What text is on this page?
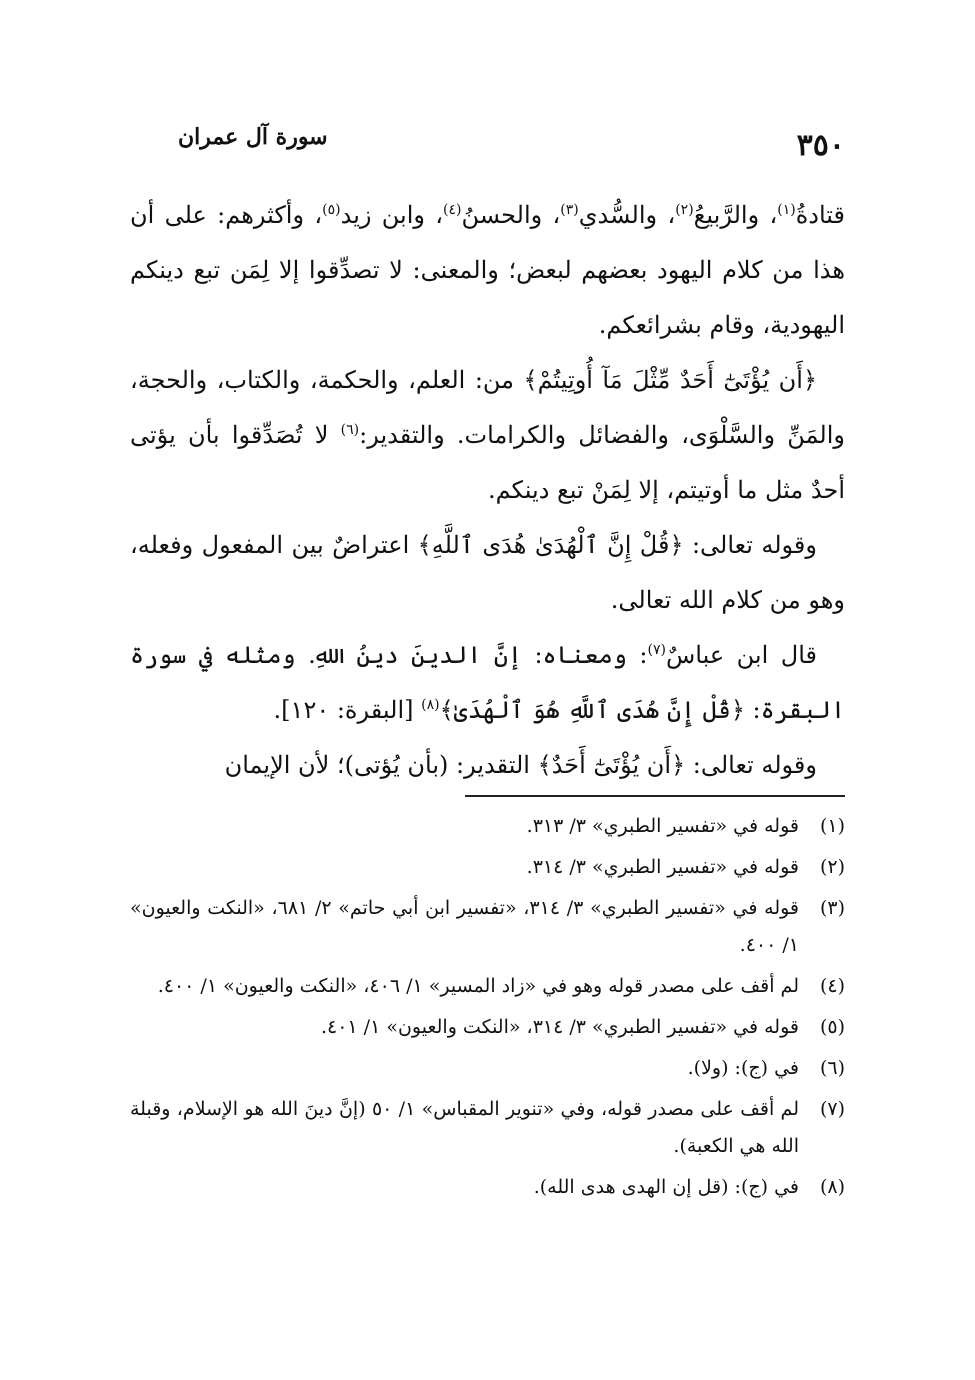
٣٥٠
سورة آل عمران

قتادةُ$^{(١)}$، والرَّبيعُ$^{(٢)}$، والسُّدي$^{(٣)}$، والحسنُ$^{(٤)}$، وابن زيد$^{(٥)}$، وأكثرهم: على أن هذا من كلام اليهود بعضهم لبعض؛ والمعنى: لا تصدِّقوا إلا لِمَن تبع دينكم اليهودية، وقام بشرائعكم.

﴿أَن يُؤْتَىٰٓ أَحَدٌ مِّثْلَ مَآ أُوتِيتُمْ﴾ من: العلم، والحكمة، والكتاب، والحجة، والمَنِّ والسَّلْوَى، والفضائل والكرامات. والتقدير:$^{(٦)}$ لا تُصَدِّقوا بأن يؤتى أحدٌ مثل ما أوتيتم، إلا لِمَنْ تبع دينكم.

وقوله تعالى: ﴿قُلْ إِنَّ ٱلْهُدَىٰ هُدَى ٱللَّهِ﴾ اعتراضٌ بين المفعول وفعله، وهو من كلام الله تعالى.

قال ابن عباسٌ$^{(٧)}$: ومعناه: إنَّ الدينَ دينُ اللهِ. ومثله في سورة البقرة: ﴿قُلْ إِنَّ هُدَى ٱللَّهِ هُوَ ٱلْهُدَىٰ﴾$^{(٨)}$ [البقرة: ١٢٠].

وقوله تعالى: ﴿أَن يُؤْتَىٰٓ أَحَدٌ﴾ التقدير: (بأن يُؤتى)؛ لأن الإيمان

(١)
قوله في «تفسير الطبري» ٣/ ٣١٣.
(٢)
قوله في «تفسير الطبري» ٣/ ٣١٤.
(٣)
قوله في «تفسير الطبري» ٣/ ٣١٤، «تفسير ابن أبي حاتم» ٢/ ٦٨١، «النكت والعيون» ١/ ٤٠٠.
(٤)
لم أقف على مصدر قوله وهو في «زاد المسير» ١/ ٤٠٦، «النكت والعيون» ١/ ٤٠٠.
(٥)
قوله في «تفسير الطبري» ٣/ ٣١٤، «النكت والعيون» ١/ ٤٠١.
(٦)
في (ج): (ولا).
(٧)
لم أقف على مصدر قوله، وفي «تنوير المقباس» ١/ ٥٠ (إنَّ دينَ الله هو الإسلام، وقبلة الله هي الكعبة).
(٨)
في (ج): (قل إن الهدى هدى الله).
